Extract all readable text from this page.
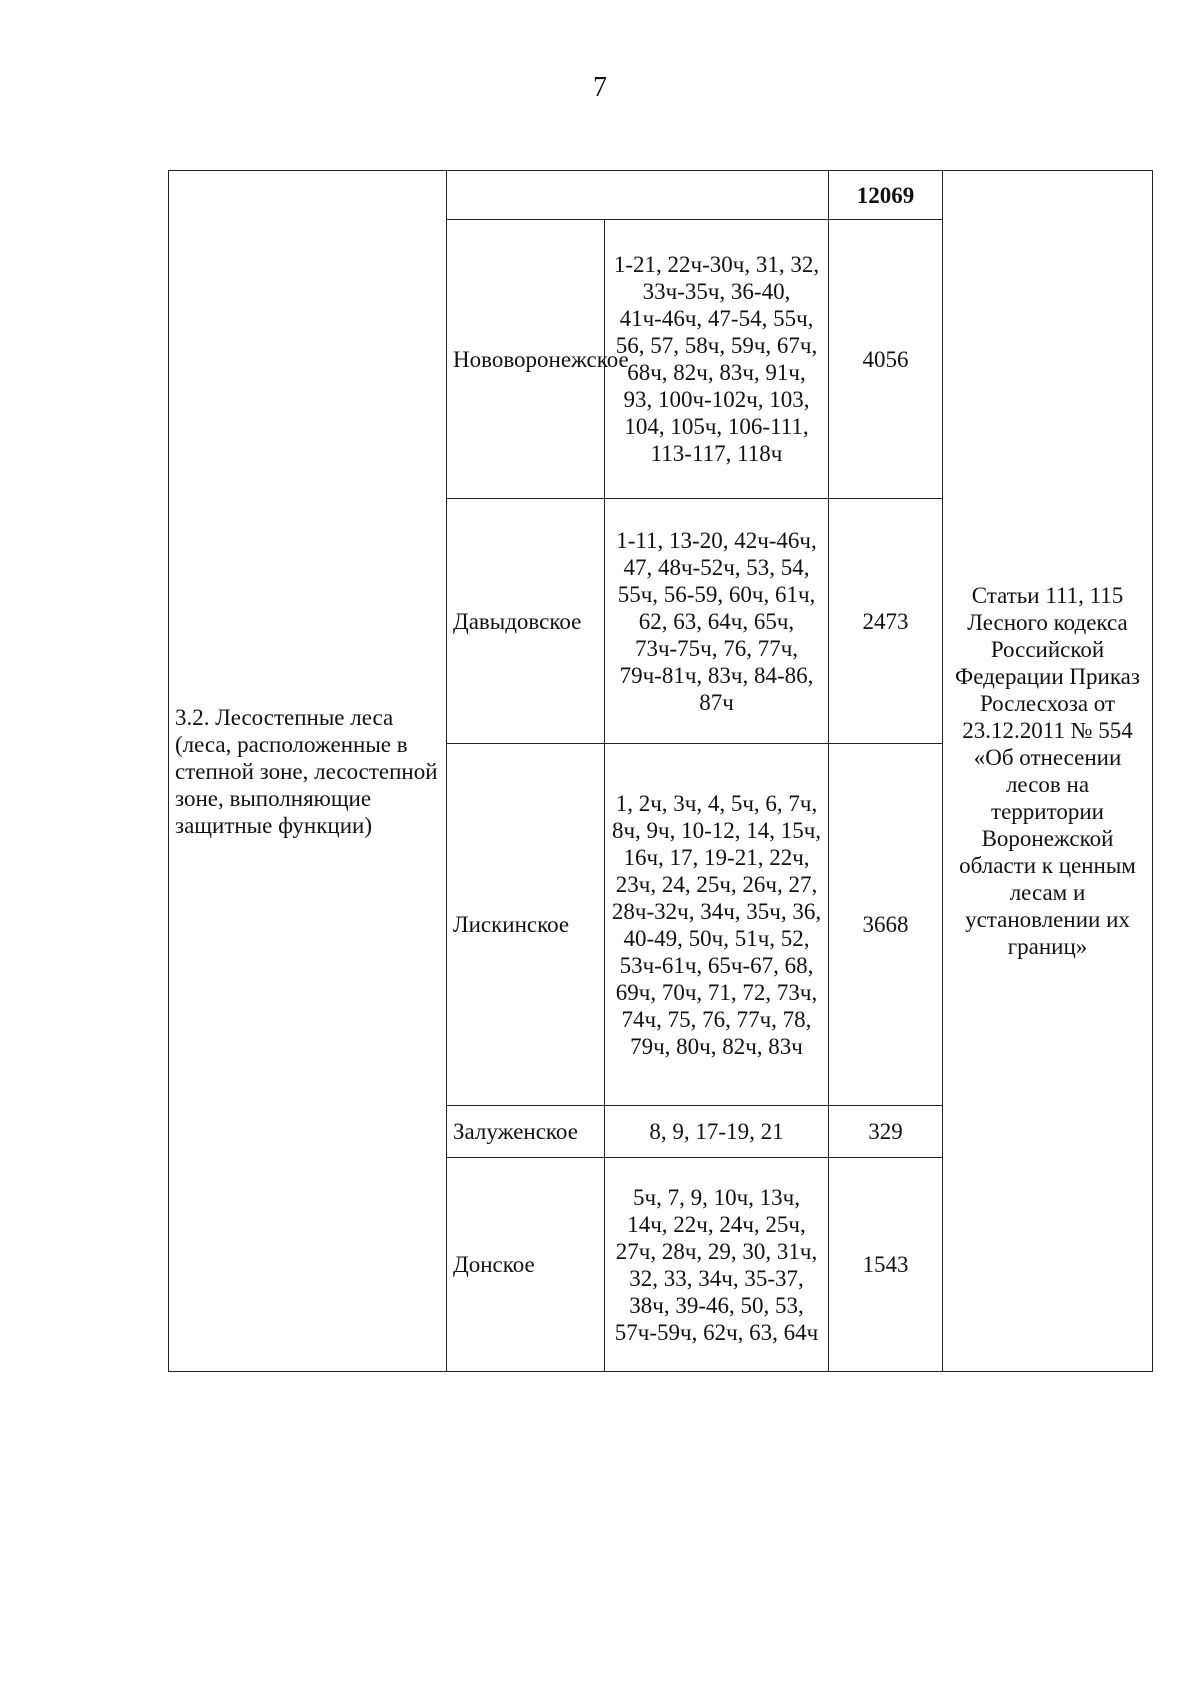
7
3.2. Лесостепные леса (леса, расположенные в степной зоне, лесостепной зоне, выполняющие защитные функции)			12069	Статьи 111, 115 Лесного кодекса Российской Федерации Приказ Рослесхоза от 23.12.2011 № 554 «Об отнесении лесов на территории Воронежской области к ценным лесам и установлении их границ»
	Нововоронежское	1-21, 22ч-30ч, 31, 32, 33ч-35ч, 36-40, 41ч-46ч, 47-54, 55ч, 56, 57, 58ч, 59ч, 67ч, 68ч, 82ч, 83ч, 91ч, 93, 100ч-102ч, 103, 104, 105ч, 106-111, 113-117, 118ч	4056	
	Давыдовское	1-11, 13-20, 42ч-46ч, 47, 48ч-52ч, 53, 54, 55ч, 56-59, 60ч, 61ч, 62, 63, 64ч, 65ч, 73ч-75ч, 76, 77ч, 79ч-81ч, 83ч, 84-86, 87ч	2473	
	Лискинское	1, 2ч, 3ч, 4, 5ч, 6, 7ч, 8ч, 9ч, 10-12, 14, 15ч, 16ч, 17, 19-21, 22ч, 23ч, 24, 25ч, 26ч, 27, 28ч-32ч, 34ч, 35ч, 36, 40-49, 50ч, 51ч, 52, 53ч-61ч, 65ч-67, 68, 69ч, 70ч, 71, 72, 73ч, 74ч, 75, 76, 77ч, 78, 79ч, 80ч, 82ч, 83ч	3668	
	Залуженское	8, 9, 17-19, 21	329	
	Донское	5ч, 7, 9, 10ч, 13ч, 14ч, 22ч, 24ч, 25ч, 27ч, 28ч, 29, 30, 31ч, 32, 33, 34ч, 35-37, 38ч, 39-46, 50, 53, 57ч-59ч, 62ч, 63, 64ч	1543	
